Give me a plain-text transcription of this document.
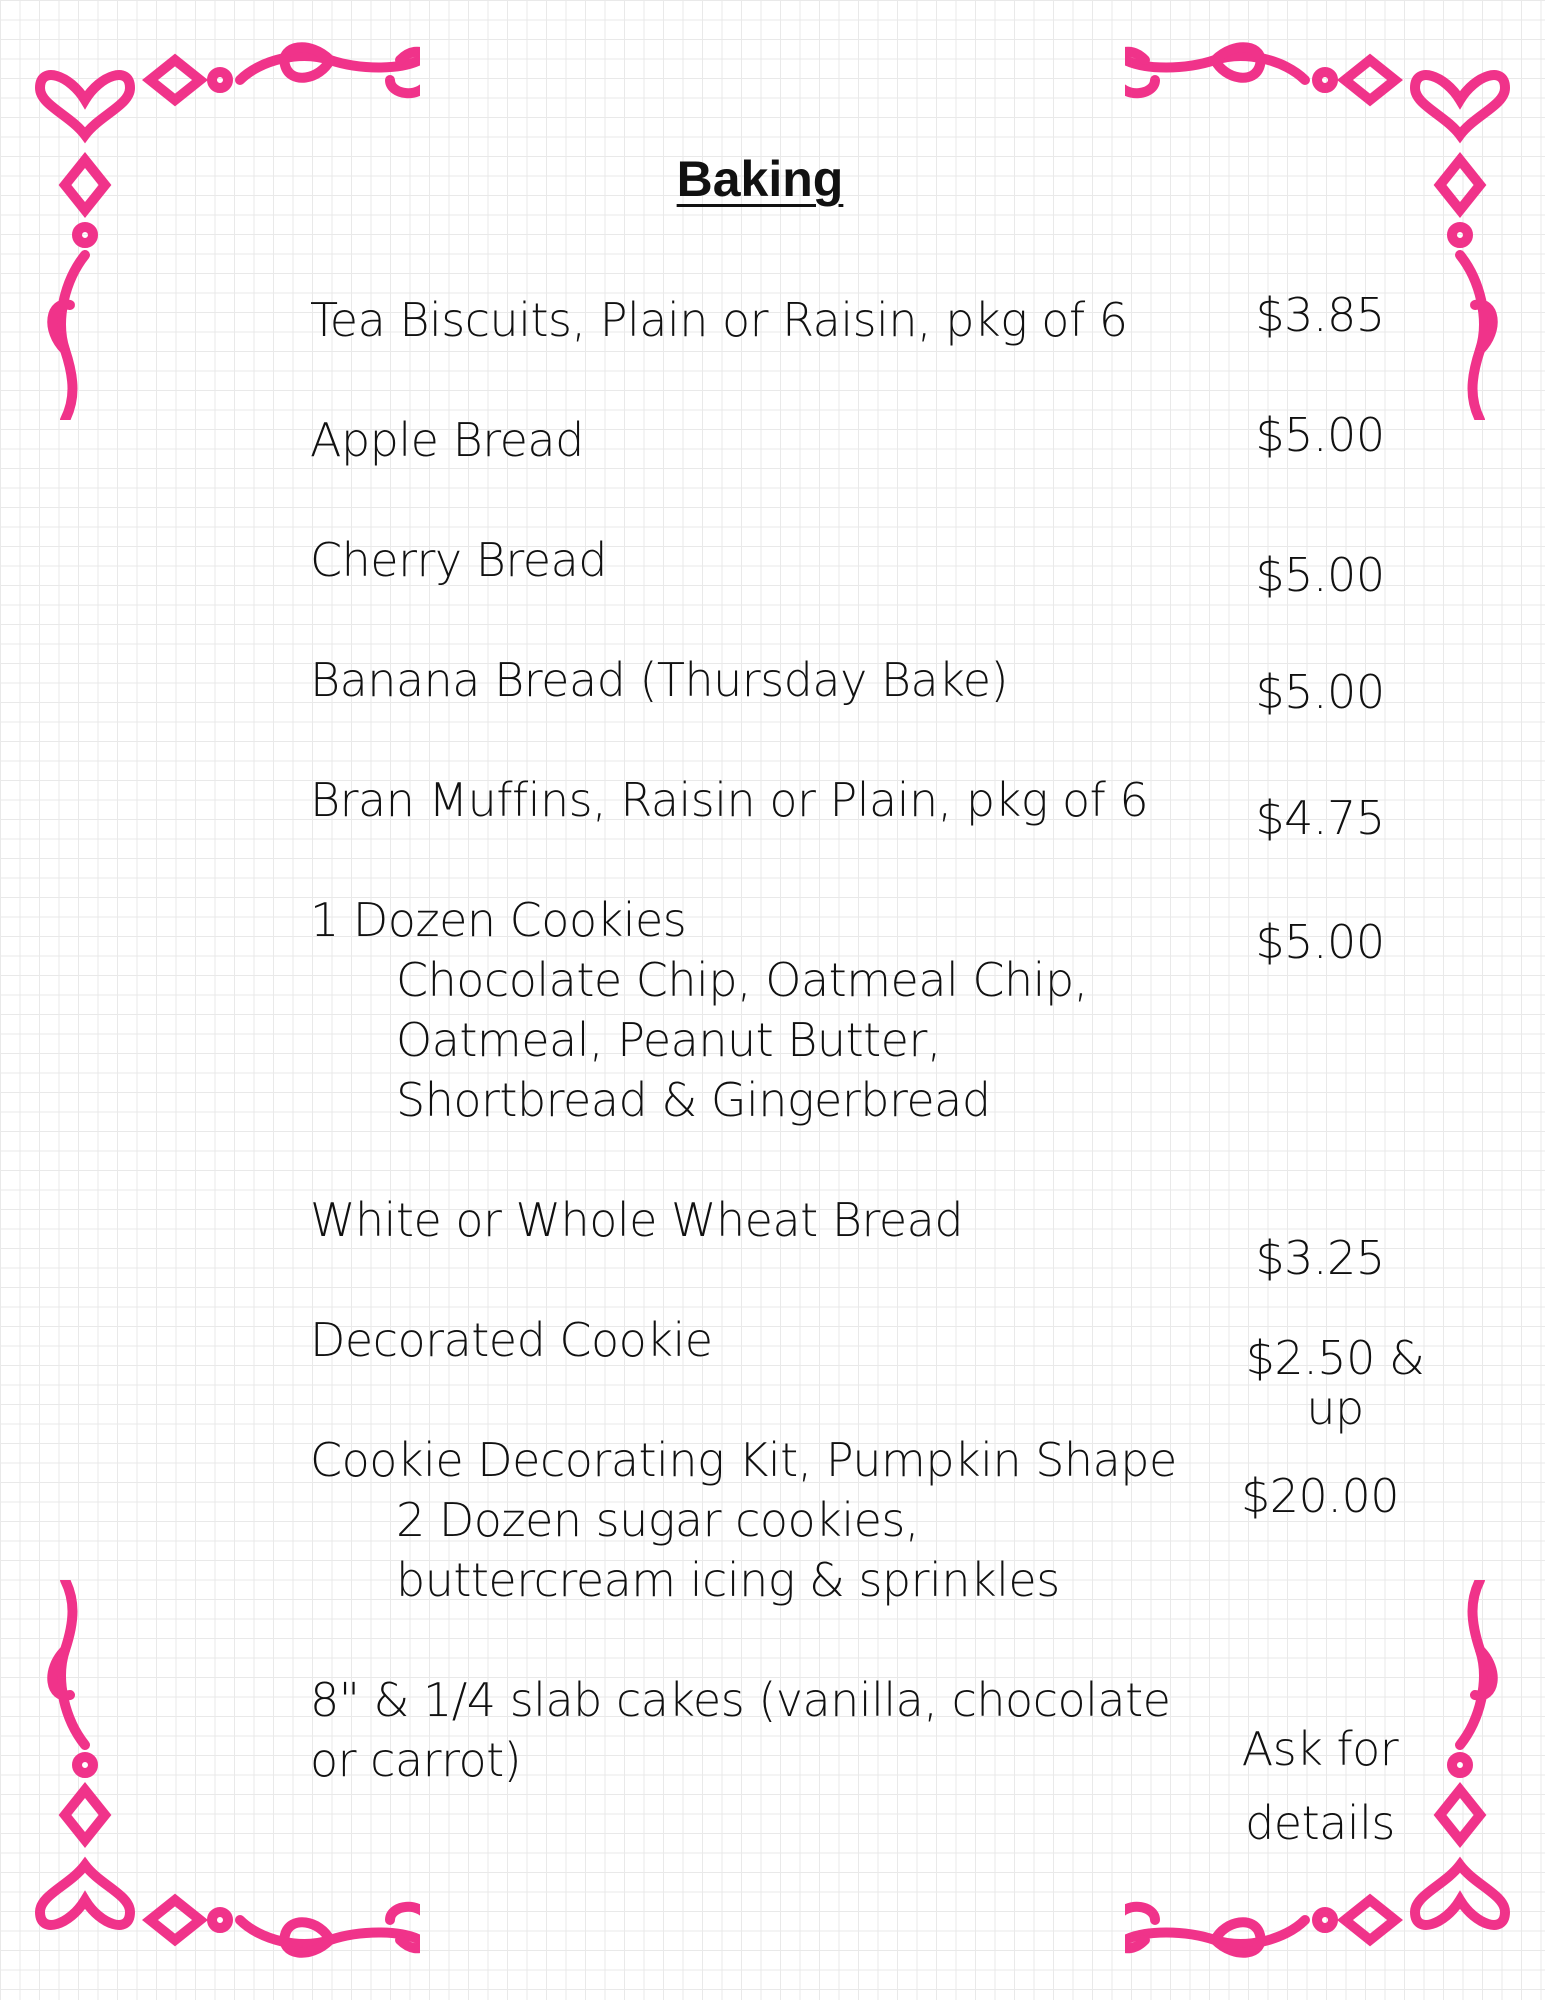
Baking
Tea Biscuits, Plain or Raisin, pkg of 6
Apple Bread
Cherry Bread
Banana Bread (Thursday Bake)
Bran Muffins, Raisin or Plain, pkg of 6
1 Dozen Cookies
Chocolate Chip, Oatmeal Chip,
Oatmeal, Peanut Butter,
Shortbread & Gingerbread
White or Whole Wheat Bread
Decorated Cookie
Cookie Decorating Kit, Pumpkin Shape
2 Dozen sugar cookies,
buttercream icing & sprinkles
8" & 1/4 slab cakes (vanilla, chocolate
or carrot)
$3.85
$5.00
$5.00
$5.00
$4.75
$5.00
$3.25
$2.50 &
up
$20.00
Ask for
details
